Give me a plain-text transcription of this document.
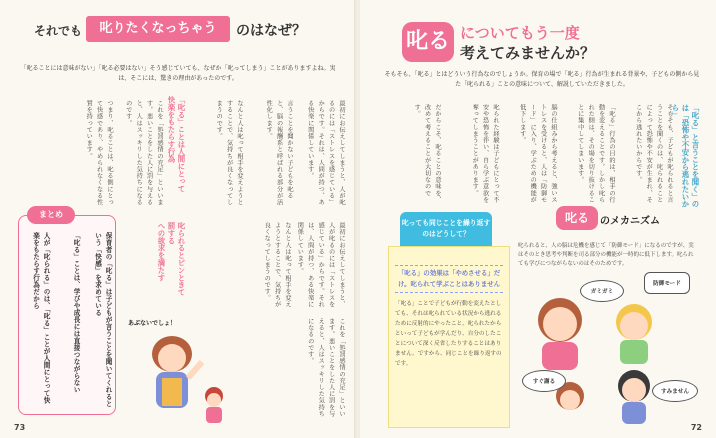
それでも	叱りたくなっちゃう	のはなぜ？
「叱ることには意味がない」「叱る必要はない」そう感じていても、なぜか「叱ってしまう」ことがありますよね。実は、そこには、驚きの理由があったのです。
「叱る」ことは人間にとって
快楽をもたらす行為	最初にお伝えしてしまうと、人が叱るのには「ストレスを感じている」からです。それは、人間が持つ、ある快楽に関係しています。
言うことを聞かない子どもを叱ると、脳の報酬系と呼ばれる部分が活性化します。
なんと人は叱って相手を変えようとすることで、気持ちが良くなってしまうのです。
これを「処罰感情の充足」といいます。悪いことをした人に罰を与えると、人はスッキリした気持ちになるのです。
つまり、叱ることは、叱る側にとって快感であり、やめられなくなる性質を持っています。
叱られるとピンときて
罰する
への欲求を満たす	最初にお伝えしてしまうと、人が叱るのには「ストレスを感じている」からです。それは、人間が持つ、ある快楽に関係しています。
なんと人は叱って相手を変えようとすることで、気持ちが良くなってしまうのです。
まとめ
保育者の「叱る」は子どもが言うことを聞いてくれるという「快感」を求めている
「叱る」ことは、学びや成長には直接つながらない
人が「叱られる」のは、「叱る」ことが人間にとって快楽をもたらす行為だから
あぶないでしょ！	これを「処罰感情の充足」といいます。悪いことをした人に罰を与えると、人はスッキリした気持ちになるのです。
73
叱る についてもう一度
考えてみませんか？
そもそも、「叱る」とはどういう行為なのでしょうか。保育の場で「叱る」行為が生まれる背景や、子どもの側から見た「叱られる」ことの意味について、解説していただきました。
「叱る」と言うことを聞く」のは「恐怖や不安から逃れたいから」
そもそも、子どもが叱られると言うことを聞くのは、叱られることによって恐怖や不安が生まれ、そこから逃れたいからです。
「叱る」行為の目的は、相手の行動を変えることです。しかし叱られた側は、その場を切り抜けることに集中してしまいます。
脳の仕組みから考えると、強いストレスを受けると、人は「防御モード」に入り、学ぶための機能が低下します。
叱られた経験は子どもにとって不安や恐怖を伴い、自ら学ぶ意欲を奪ってしまうことがあります。
だからこそ、叱ることの意味を、改めて考えることが大切なのです。
72
叱っても同じことを繰り返すのはどうして？
「叱る」の効果は「やめさせる」だけ。叱られて学ぶことはありません
「叱る」ことで子どもが行動を変えたとしても、それは叱られている状況から逃れるために反射的にやったこと。叱られたからといって子どもが学んだり、自分のしたことについて深く反省したりすることはありません。ですから、同じことを繰り返すのです。
叱る	のメカニズム
叱られると、人の脳は危機を感じて「防御モード」になるのですが、実はそのとき思考や判断を司る部分の機能が一時的に低下します。叱られても学びにつながらないのはそのためです。
ガミガミ
防御モード
すぐ謝る
すみません
